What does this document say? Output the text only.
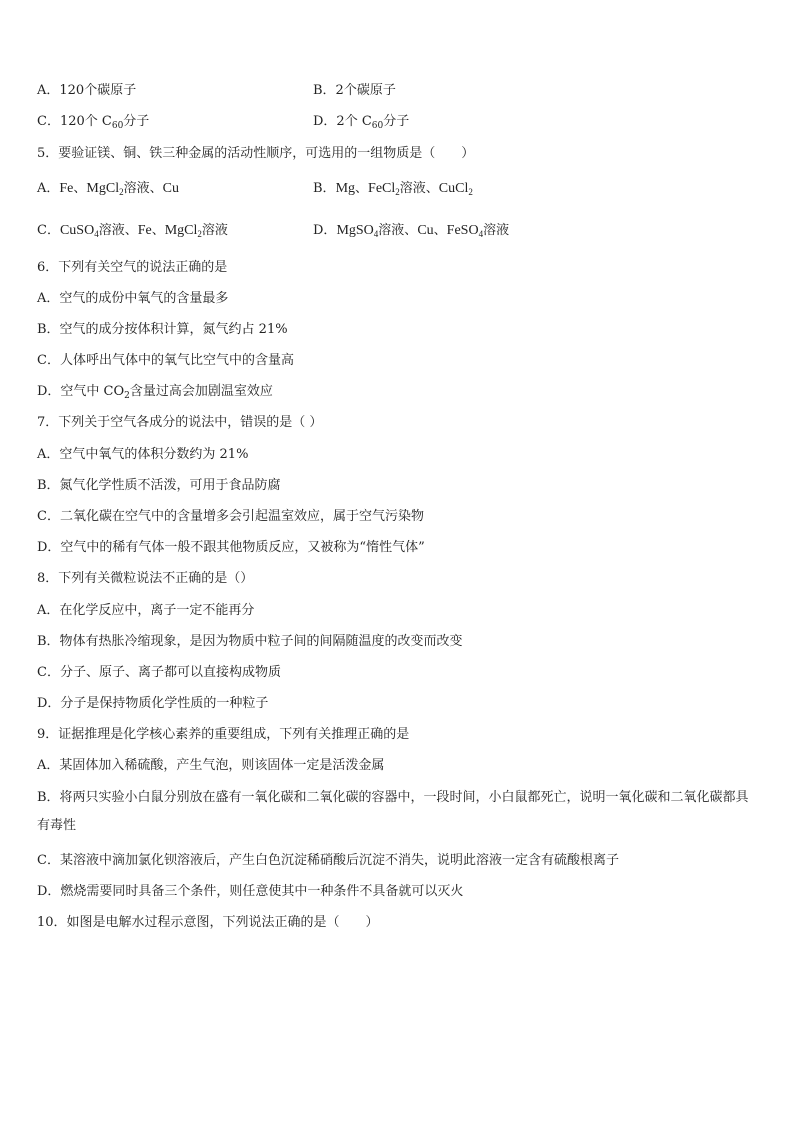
A．120个碳原子	B．2个碳原子
C．120个 $C_{60}$分子	D．2个 $C_{60}$分子
5．要验证镁、铜、铁三种金属的活动性顺序，可选用的一组物质是（　　）
A．Fe、MgCl$_2$溶液、Cu	B．Mg、FeCl$_2$溶液、CuCl$_2$
C．CuSO$_4$溶液、Fe、MgCl$_2$溶液	D．MgSO$_4$溶液、Cu、FeSO$_4$溶液
6．下列有关空气的说法正确的是
A．空气的成份中氧气的含量最多
B．空气的成分按体积计算，氮气约占 21%
C．人体呼出气体中的氧气比空气中的含量高
D．空气中 $CO_2$含量过高会加剧温室效应
7．下列关于空气各成分的说法中，错误的是（ ）
A．空气中氧气的体积分数约为 21%
B．氮气化学性质不活泼，可用于食品防腐
C．二氧化碳在空气中的含量增多会引起温室效应，属于空气污染物
D．空气中的稀有气体一般不跟其他物质反应，又被称为“惰性气体”
8．下列有关微粒说法不正确的是（）
A．在化学反应中，离子一定不能再分
B．物体有热胀冷缩现象，是因为物质中粒子间的间隔随温度的改变而改变
C．分子、原子、离子都可以直接构成物质
D．分子是保持物质化学性质的一种粒子
9．证据推理是化学核心素养的重要组成，下列有关推理正确的是
A．某固体加入稀硫酸，产生气泡，则该固体一定是活泼金属
B．将两只实验小白鼠分别放在盛有一氧化碳和二氧化碳的容器中，一段时间，小白鼠都死亡，说明一氧化碳和二氧化碳都具有毒性
C．某溶液中滴加氯化钡溶液后，产生白色沉淀稀硝酸后沉淀不消失，说明此溶液一定含有硫酸根离子
D．燃烧需要同时具备三个条件，则任意使其中一种条件不具备就可以灭火
10．如图是电解水过程示意图，下列说法正确的是（　　）
